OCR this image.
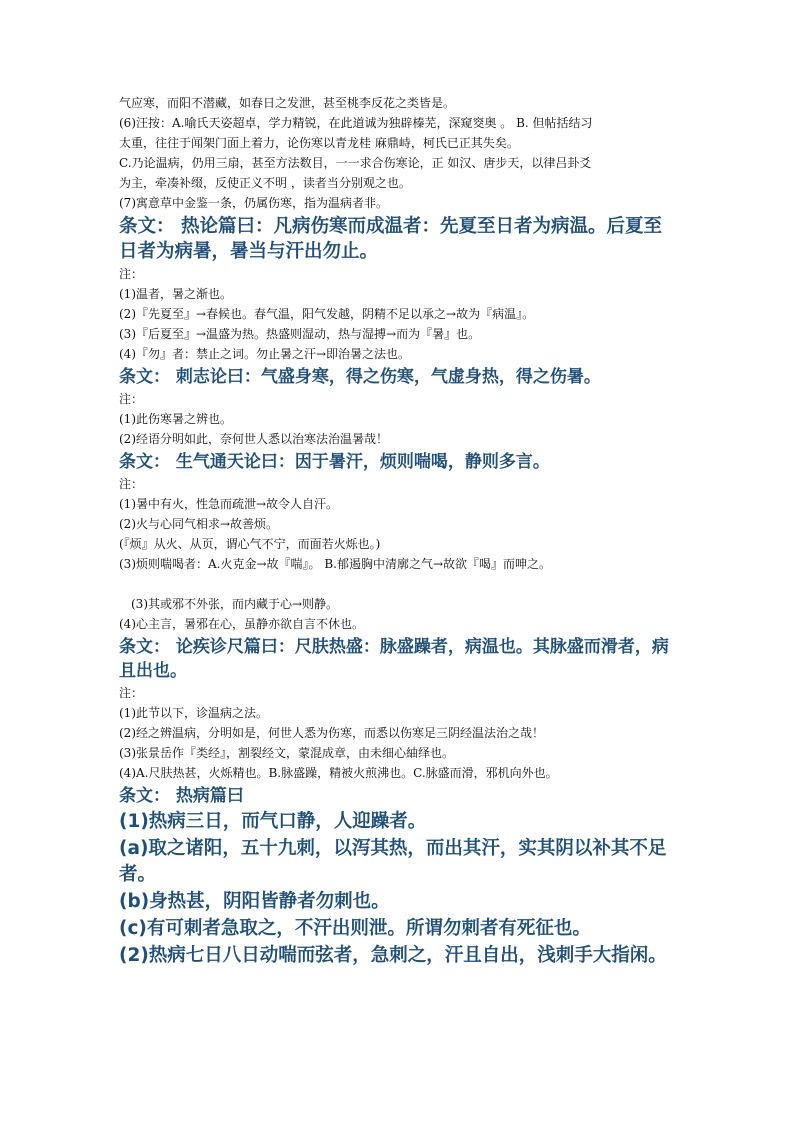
气应寒，而阳不潜藏，如春日之发泄，甚至桃李反花之类皆是。
(6)汪按：A.喻氏天姿超卓，学力精锐，在此道诚为独辟榛芜，深窥窔奥 。 B. 但帖括结习
太重，往往于闻架门面上着力，论伤寒以青龙桂 麻鼎峙，柯氏已正其失矣。
C.乃论温病，仍用三扇，甚至方法数目，一一求合伤寒论，正 如汉、唐步天，以律吕卦爻
为主，牵凑补缀，反使正义不明 ，读者当分别观之也。
(7)寓意草中金鉴一条，仍属伤寒，指为温病者非。
条文： 热论篇曰：凡病伤寒而成温者：先夏至日者为病温。后夏至日者为病暑，暑当与汗出勿止。
注：
(1)温者，暑之渐也。
(2)『先夏至』→春候也。春气温，阳气发越，阴精不足以承之→故为『病温』。
(3)『后夏至』→温盛为热。热盛则湿动，热与湿搏→而为『暑』也。
(4)『勿』者：禁止之词。勿止暑之汗→即治暑之法也。
条文： 刺志论曰：气盛身寒，得之伤寒，气虚身热，得之伤暑。
注：
(1)此伤寒暑之辨也。
(2)经语分明如此，奈何世人悉以治寒法治温暑哉！
条文： 生气通天论曰：因于暑汗，烦则喘喝，静则多言。
注：
(1)暑中有火，性急而疏泄→故令人自汗。
(2)火与心同气相求→故善烦。
(『烦』从火、从页，谓心气不宁，而面若火烁也。)
(3)烦则喘喝者：A.火克金→故『喘』。 B.郁遏胸中清廓之气→故欲『喝』而呻之。
(3)其或邪不外张，而内藏于心→则静。
(4)心主言，暑邪在心，虽静亦欲自言不休也。
条文： 论疾诊尺篇曰：尺肤热盛：脉盛躁者，病温也。其脉盛而滑者，病且出也。
注：
(1)此节以下，诊温病之法。
(2)经之辨温病，分明如是，何世人悉为伤寒，而悉以伤寒足三阴经温法治之哉！
(3)张景岳作『类经』，割裂经文，蒙混成章，由未细心紬绎也。
(4)A.尺肤热甚，火烁精也。B.脉盛躁，精被火煎沸也。C.脉盛而滑，邪机向外也。
条文： 热病篇曰
(1)热病三日，而气口静，人迎躁者。
(a)取之诸阳，五十九刺，以泻其热，而出其汗，实其阴以补其不足者。
(b)身热甚，阴阳皆静者勿刺也。
(c)有可刺者急取之，不汗出则泄。所谓勿刺者有死征也。
(2)热病七日八日动喘而弦者，急刺之，汗且自出，浅刺手大指闲。
